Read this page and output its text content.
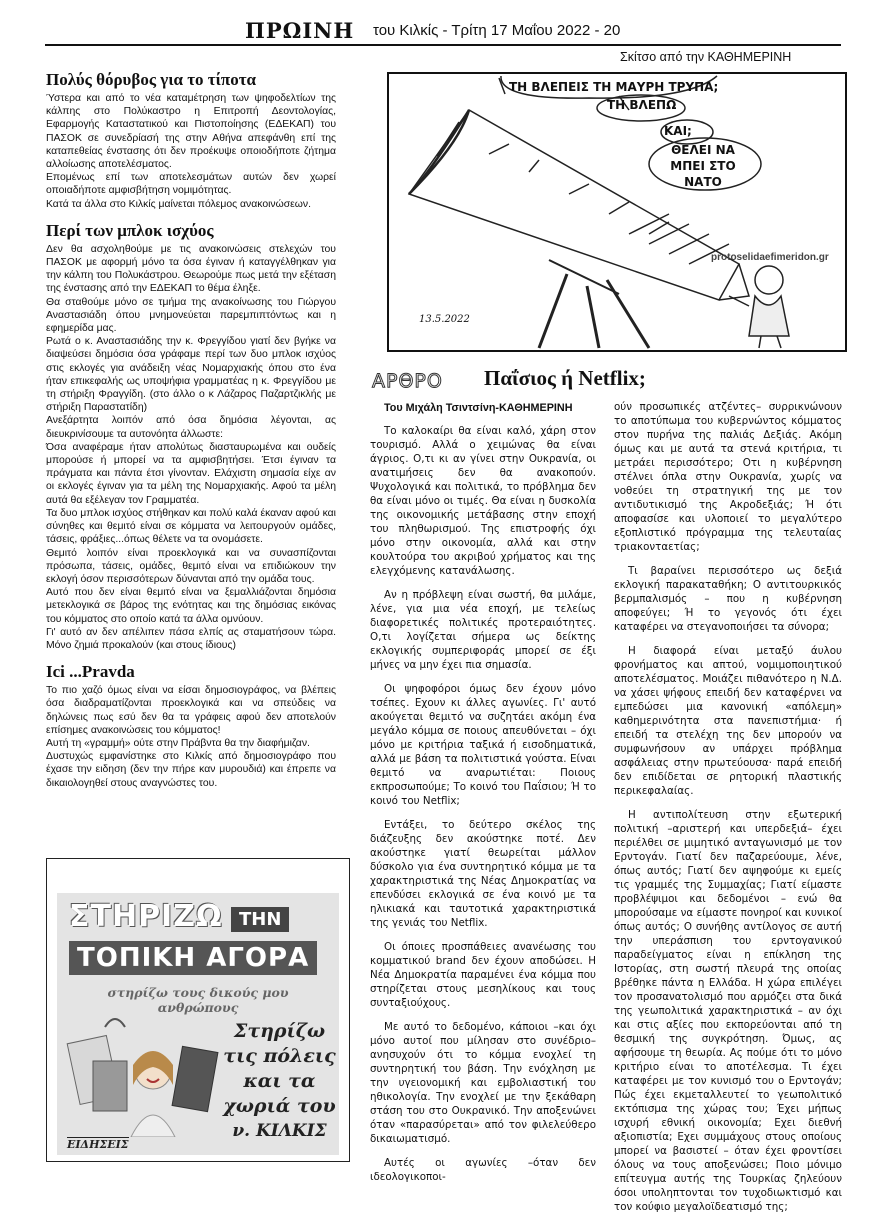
ΠΡΩΙΝΗ του Κιλκίς - Τρίτη 17 Μαΐου 2022 - 20
Πολύς θόρυβος για το τίποτα

Ύστερα και από το νέα καταμέτρηση των ψηφοδελτίων της κάλπης στο Πολύκαστρο η Επιτροπή Δεοντολογίας, Εφαρμογής Καταστατικού και Πιστοποίησης (ΕΔΕΚΑΠ) του ΠΑΣΟΚ σε συνεδρίασή της στην Αθήνα απεφάνθη επί της καταπεθείας ένστασης ότι δεν προέκυψε οποιοδήποτε ζήτημα αλλοίωσης αποτελέσματος.

Επομένως επί των αποτελεσμάτων αυτών δεν χωρεί οποιαδήποτε αμφισβήτηση νομιμότητας.

Κατά τα άλλα στο Κιλκίς μαίνεται πόλεμος ανακοινώσεων.

Περί των μπλοκ ισχύος

Δεν θα ασχοληθούμε με τις ανακοινώσεις στελεχών του ΠΑΣΟΚ με αφορμή μόνο τα όσα έγιναν ή καταγγέλθηκαν για την κάλπη του Πολυκάστρου. Θεωρούμε πως μετά την εξέταση της ένστασης από την ΕΔΕΚΑΠ το θέμα έληξε.

Θα σταθούμε μόνο σε τμήμα της ανακοίνωσης του Γιώργου Αναστασιάδη όπου μνημονεύεται παρεμπιπτόντως και η εφημερίδα μας.

Ρωτά ο κ. Αναστασιάδης την κ. Φρεγγίδου γιατί δεν βγήκε να διαψεύσει δημόσια όσα γράφαμε περί των δυο μπλοκ ισχύος στις εκλογές για ανάδειξη νέας Νομαρχιακής όπου στο ένα ήταν επικεφαλής ως υποψήφια γραμματέας η κ. Φρεγγίδου με τη στήριξη Φραγγίδη. (στο άλλο ο κ Λάζαρος Παζαρτζικλής με στήριξη Παραστατίδη)

Ανεξάρτητα λοιπόν από όσα δημόσια λέγονται, ας διευκρινίσουμε τα αυτονόητα άλλωστε:

Όσα αναφέραμε ήταν απολύτως διασταυρωμένα και ουδείς μπορούσε ή μπορεί να τα αμφισβητήσει. Έτσι έγιναν τα πράγματα και πάντα έτσι γίνονταν. Ελάχιστη σημασία είχε αν οι εκλογές έγιναν για τα μέλη της Νομαρχιακής. Αφού τα μέλη αυτά θα εξέλεγαν τον Γραμματέα.

Τα δυο μπλοκ ισχύος στήθηκαν και πολύ καλά έκαναν αφού και σύνηθες και θεμιτό είναι σε κόμματα να λειτουργούν ομάδες, τάσεις, φράξιες...όπως θέλετε να τα ονομάσετε.

Θεμιτό λοιπόν είναι προεκλογικά και να συνασπίζονται πρόσωπα, τάσεις, ομάδες, θεμιτό είναι να επιδιώκουν την εκλογή όσον περισσότερων δύνανται από την ομάδα τους.

Αυτό που δεν είναι θεμιτό είναι να ξεμαλλιάζονται δημόσια μετεκλογικά σε βάρος της ενότητας και της δημόσιας εικόνας του κόμματος στο οποίο κατά τα άλλα ομνύουν.

Γι' αυτό αν δεν απέλιπεν πάσα ελπίς ας σταματήσουν τώρα. Μόνο ζημιά προκαλούν (και στους ίδιους)

Ici ...Pravda

Το πιο χαζό όμως είναι να είσαι δημοσιογράφος, να βλέπεις όσα διαδραματίζονται προεκλογικά και να σπεύδεις να δηλώνεις πως εσύ δεν θα τα γράφεις αφού δεν αποτελούν επίσημες ανακοινώσεις του κόμματος!

Αυτή τη «γραμμή» ούτε στην Πράβντα θα την διαφήμιζαν.

Δυστυχώς εμφανίστηκε στο Κιλκίς από δημοσιογράφο που έχασε την ειδηση (δεν την πήρε καν μυρουδιά) και έπρεπε να δικαιολογηθεί στους αναγνώστες του.

ΣΤΗΡΙΖΩ ΤΗΝ
ΤΟΠΙΚΗ ΑΓΟΡΑ
στηρίζω τους δικούς μου ανθρώπους
Στηρίζω
τις πόλεις
και τα
χωριά του
ν. ΚΙΛΚΙΣ
ΕΙΔΗΣΕΙΣ
Σκίτσο από την ΚΑΘΗΜΕΡΙΝΗ
ΤΗ ΒΛΕΠΕΙΣ ΤΗ ΜΑΥΡΗ ΤΡΥΠΑ;
ΤΗ ΒΛΕΠΩ
ΚΑΙ;
ΘΕΛΕΙ ΝΑ ΜΠΕΙ ΣΤΟ ΝΑΤΟ
protoselidaefimeridon.gr
13.5.2022
ΑΡΘΡΟ Παΐσιος ή Netflix;
Του Μιχάλη Τσιντσίνη-ΚΑΘΗΜΕΡΙΝΗ

Το καλοκαίρι θα είναι καλό, χάρη στον τουρισμό. Αλλά ο χειμώνας θα είναι άγριος. Ο,τι κι αν γίνει στην Ουκρανία, οι ανατιμήσεις δεν θα ανακοπούν. Ψυχολογικά και πολιτικά, το πρόβλημα δεν θα είναι μόνο οι τιμές. Θα είναι η δυσκολία της οικονομικής μετάβασης στην εποχή του πληθωρισμού. Της επιστροφής όχι μόνο στην οικονομία, αλλά και στην κουλτούρα του ακριβού χρήματος και της ελεγχόμενης κατανάλωσης.

Αν η πρόβλεψη είναι σωστή, θα μιλάμε, λένε, για μια νέα εποχή, με τελείως διαφορετικές πολιτικές προτεραιότητες. Ο,τι λογίζεται σήμερα ως δείκτης εκλογικής συμπεριφοράς μπορεί σε έξι μήνες να μην έχει πια σημασία.

Οι ψηφοφόροι όμως δεν έχουν μόνο τσέπες. Εχουν κι άλλες αγωνίες. Γι' αυτό ακούγεται θεμιτό να συζητάει ακόμη ένα μεγάλο κόμμα σε ποιους απευθύνεται – όχι μόνο με κριτήρια ταξικά ή εισοδηματικά, αλλά με βάση τα πολιτιστικά γούστα. Είναι θεμιτό να αναρωτιέται: Ποιους εκπροσωπούμε; Το κοινό του Παΐσιου; Ή το κοινό του Netflix;

Εντάξει, το δεύτερο σκέλος της διάζευξης δεν ακούστηκε ποτέ. Δεν ακούστηκε γιατί θεωρείται μάλλον δύσκολο για ένα συντηρητικό κόμμα με τα χαρακτηριστικά της Νέας Δημοκρατίας να επενδύσει εκλογικά σε ένα κοινό με τα ηλικιακά και ταυτοτικά χαρακτηριστικά της γενιάς του Netflix.

Οι όποιες προσπάθειες ανανέωσης του κομματικού brand δεν έχουν αποδώσει. Η Νέα Δημοκρατία παραμένει ένα κόμμα που στηρίζεται στους μεσηλίκους και τους συνταξιούχους.

Με αυτό το δεδομένο, κάποιοι –και όχι μόνο αυτοί που μίλησαν στο συνέδριο– ανησυχούν ότι το κόμμα ενοχλεί τη συντηρητική του βάση. Την ενόχληση με την υγειονομική και εμβολιαστική του ηθικολογία. Την ενοχλεί με την ξεκάθαρη στάση του στο Ουκρανικό. Την αποξενώνει όταν «παρασύρεται» από τον φιλελεύθερο δικαιωματισμό.

Αυτές οι αγωνίες –όταν δεν ιδεολογικοποι-

ούν προσωπικές ατζέντες– συρρικνώνουν το αποτύπωμα του κυβερνώντος κόμματος στον πυρήνα της παλιάς Δεξιάς. Ακόμη όμως και με αυτά τα στενά κριτήρια, τι μετράει περισσότερο; Οτι η κυβέρνηση στέλνει όπλα στην Ουκρανία, χωρίς να νοθεύει τη στρατηγική της με τον αντιδυτικισμό της Ακροδεξιάς; Ή ότι αποφασίσε και υλοποιεί το μεγαλύτερο εξοπλιστικό πρόγραμμα της τελευταίας τριακονταετίας;

Τι βαραίνει περισσότερο ως δεξιά εκλογική παρακαταθήκη; Ο αντιτουρκικός βερμπαλισμός – που η κυβέρνηση αποφεύγει; Ή το γεγονός ότι έχει καταφέρει να στεγανοποιήσει τα σύνορα;

Η διαφορά είναι μεταξύ άυλου φρονήματος και απτού, νομιμοποιητικού αποτελέσματος. Μοιάζει πιθανότερο η Ν.Δ. να χάσει ψήφους επειδή δεν καταφέρνει να εμπεδώσει μια κανονική «απόλεμη» καθημερινότητα στα πανεπιστήμια· ή επειδή τα στελέχη της δεν μπορούν να συμφωνήσουν αν υπάρχει πρόβλημα ασφάλειας στην πρωτεύουσα· παρά επειδή δεν επιδίδεται σε ρητορική πλαστικής περικεφαλαίας.

Η αντιπολίτευση στην εξωτερική πολιτική –αριστερή και υπερδεξιά– έχει περιέλθει σε μιμητικό ανταγωνισμό με τον Ερντογάν. Γιατί δεν παζαρεύουμε, λένε, όπως αυτός; Γιατί δεν αψηφούμε κι εμείς τις γραμμές της Συμμαχίας; Γιατί είμαστε προβλέψιμοι και δεδομένοι – ενώ θα μπορούσαμε να είμαστε πονηροί και κυνικοί όπως αυτός; Ο συνήθης αντίλογος σε αυτή την υπεράσπιση του ερντογανικού παραδείγματος είναι η επίκληση της Ιστορίας, στη σωστή πλευρά της οποίας βρέθηκε πάντα η Ελλάδα. Η χώρα επιλέγει τον προσανατολισμό που αρμόζει στα δικά της γεωπολιτικά χαρακτηριστικά – αν όχι και στις αξίες που εκπορεύονται από τη θεσμική της συγκρότηση. Όμως, ας αφήσουμε τη θεωρία. Ας πούμε ότι το μόνο κριτήριο είναι το αποτέλεσμα. Τι έχει καταφέρει με τον κυνισμό του ο Ερντογάν; Πώς έχει εκμεταλλευτεί το γεωπολιτικό εκτόπισμα της χώρας του; Έχει μήπως ισχυρή εθνική οικονομία; Εχει διεθνή αξιοπιστία; Εχει συμμάχους στους οποίους μπορεί να βασιστεί – όταν έχει φροντίσει όλους να τους αποξενώσει; Ποιο μόνιμο επίτευγμα αυτής της Τουρκίας ζηλεύουν όσοι υποληπτονται τον τυχοδιωκτισμό και τον κούφιο μεγαλοϊδεατισμό της;
